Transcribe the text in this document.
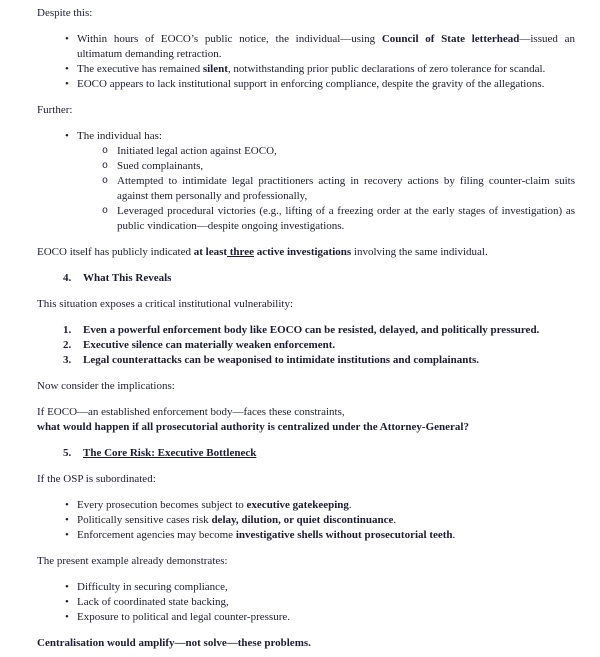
Despite this:

• Within hours of EOCO’s public notice, the individual—using Council of State letterhead—issued an ultimatum demanding retraction.
• The executive has remained silent, notwithstanding prior public declarations of zero tolerance for scandal.
• EOCO appears to lack institutional support in enforcing compliance, despite the gravity of the allegations.

Further:

• The individual has:
o Initiated legal action against EOCO,
o Sued complainants,
o Attempted to intimidate legal practitioners acting in recovery actions by filing counter-claim suits against them personally and professionally,
o Leveraged procedural victories (e.g., lifting of a freezing order at the early stages of investigation) as public vindication—despite ongoing investigations.

EOCO itself has publicly indicated at least three active investigations involving the same individual.

4. What This Reveals

This situation exposes a critical institutional vulnerability:

1. Even a powerful enforcement body like EOCO can be resisted, delayed, and politically pressured.
2. Executive silence can materially weaken enforcement.
3. Legal counterattacks can be weaponised to intimidate institutions and complainants.

Now consider the implications:

If EOCO—an established enforcement body—faces these constraints,
what would happen if all prosecutorial authority is centralized under the Attorney-General?

5. The Core Risk: Executive Bottleneck

If the OSP is subordinated:

• Every prosecution becomes subject to executive gatekeeping.
• Politically sensitive cases risk delay, dilution, or quiet discontinuance.
• Enforcement agencies may become investigative shells without prosecutorial teeth.

The present example already demonstrates:

• Difficulty in securing compliance,
• Lack of coordinated state backing,
• Exposure to political and legal counter-pressure.

Centralisation would amplify—not solve—these problems.
